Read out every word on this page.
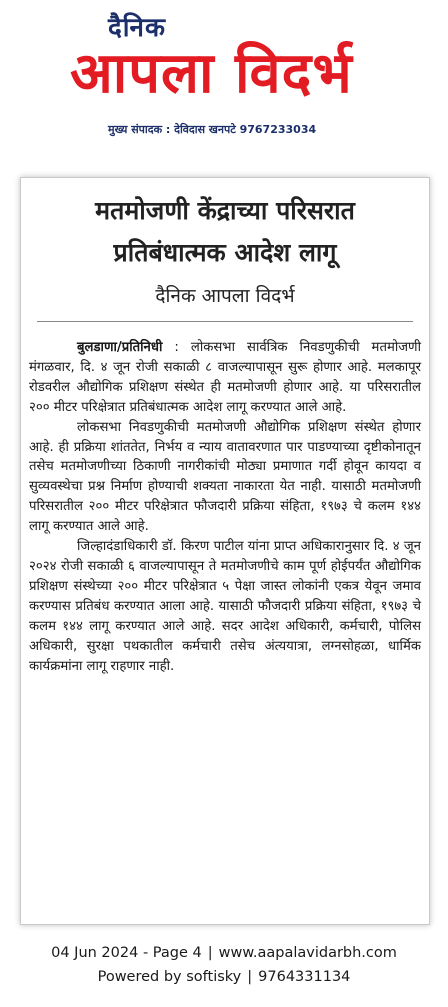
दैनिक
आपला विदर्भ
मुख्य संपादक : देविदास खनपटे 9767233034
मतमोजणी केंद्राच्या परिसरात
प्रतिबंधात्मक आदेश लागू
दैनिक आपला विदर्भ

बुलडाणा/प्रतिनिधी : लोकसभा सार्वत्रिक निवडणुकीची मतमोजणी मंगळवार, दि. ४ जून रोजी सकाळी ८ वाजल्यापासून सुरू होणार आहे. मलकापूर रोडवरील औद्योगिक प्रशिक्षण संस्थेत ही मतमोजणी होणार आहे. या परिसरातील २०० मीटर परिक्षेत्रात प्रतिबंधात्मक आदेश लागू करण्यात आले आहे.

लोकसभा निवडणुकीची मतमोजणी औद्योगिक प्रशिक्षण संस्थेत होणार आहे. ही प्रक्रिया शांततेत, निर्भय व न्याय वातावरणात पार पाडण्याच्या दृष्टीकोनातून तसेच मतमोजणीच्या ठिकाणी नागरीकांची मोठ्या प्रमाणात गर्दी होवून कायदा व सुव्यवस्थेचा प्रश्न निर्माण होण्याची शक्यता नाकारता येत नाही. यासाठी मतमोजणी परिसरातील २०० मीटर परिक्षेत्रात फौजदारी प्रक्रिया संहिता, १९७३ चे कलम १४४ लागू करण्यात आले आहे.

जिल्हादंडाधिकारी डॉ. किरण पाटील यांना प्राप्त अधिकारानुसार दि. ४ जून २०२४ रोजी सकाळी ६ वाजल्यापासून ते मतमोजणीचे काम पूर्ण होईपर्यंत औद्योगिक प्रशिक्षण संस्थेच्या २०० मीटर परिक्षेत्रात ५ पेक्षा जास्त लोकांनी एकत्र येवून जमाव करण्यास प्रतिबंध करण्यात आला आहे. यासाठी फौजदारी प्रक्रिया संहिता, १९७३ चे कलम १४४ लागू करण्यात आले आहे. सदर आदेश अधिकारी, कर्मचारी, पोलिस अधिकारी, सुरक्षा पथकातील कर्मचारी तसेच अंत्ययात्रा, लग्नसोहळा, धार्मिक कार्यक्रमांना लागू राहणार नाही.

04 Jun 2024 - Page 4 | www.aapalavidarbh.com
Powered by softisky | 9764331134
